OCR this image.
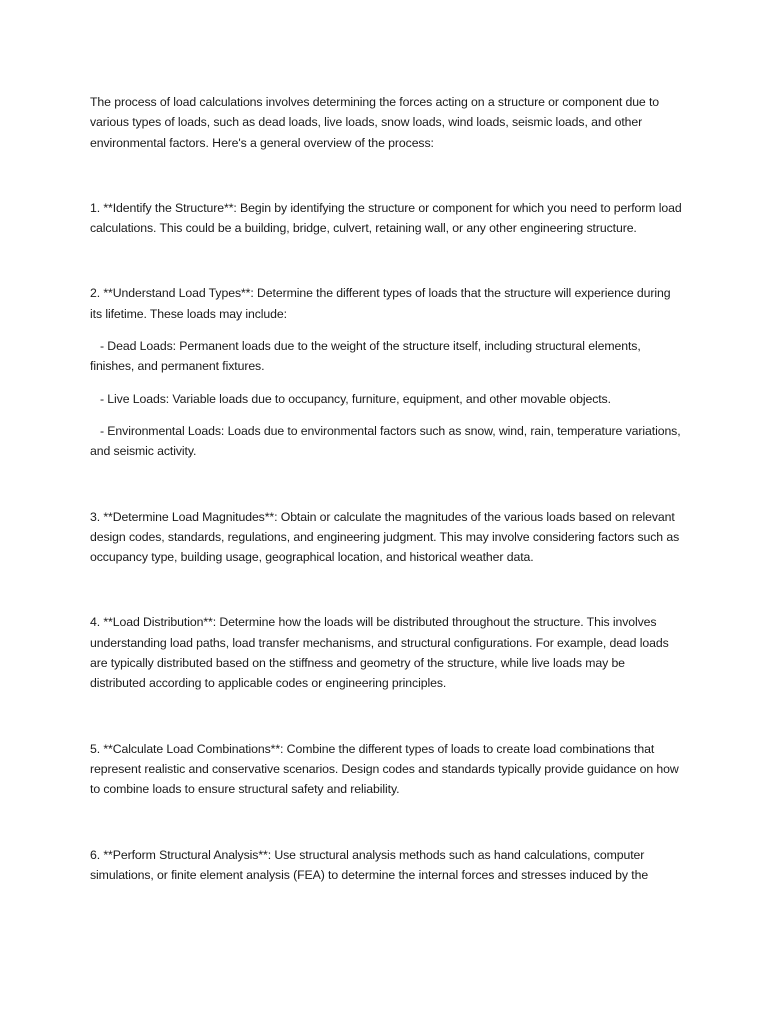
The process of load calculations involves determining the forces acting on a structure or component due to various types of loads, such as dead loads, live loads, snow loads, wind loads, seismic loads, and other environmental factors. Here's a general overview of the process:

1. **Identify the Structure**: Begin by identifying the structure or component for which you need to perform load calculations. This could be a building, bridge, culvert, retaining wall, or any other engineering structure.

2. **Understand Load Types**: Determine the different types of loads that the structure will experience during its lifetime. These loads may include:

- Dead Loads: Permanent loads due to the weight of the structure itself, including structural elements, finishes, and permanent fixtures.

- Live Loads: Variable loads due to occupancy, furniture, equipment, and other movable objects.

- Environmental Loads: Loads due to environmental factors such as snow, wind, rain, temperature variations, and seismic activity.

3. **Determine Load Magnitudes**: Obtain or calculate the magnitudes of the various loads based on relevant design codes, standards, regulations, and engineering judgment. This may involve considering factors such as occupancy type, building usage, geographical location, and historical weather data.

4. **Load Distribution**: Determine how the loads will be distributed throughout the structure. This involves understanding load paths, load transfer mechanisms, and structural configurations. For example, dead loads are typically distributed based on the stiffness and geometry of the structure, while live loads may be distributed according to applicable codes or engineering principles.

5. **Calculate Load Combinations**: Combine the different types of loads to create load combinations that represent realistic and conservative scenarios. Design codes and standards typically provide guidance on how to combine loads to ensure structural safety and reliability.

6. **Perform Structural Analysis**: Use structural analysis methods such as hand calculations, computer simulations, or finite element analysis (FEA) to determine the internal forces and stresses induced by the
